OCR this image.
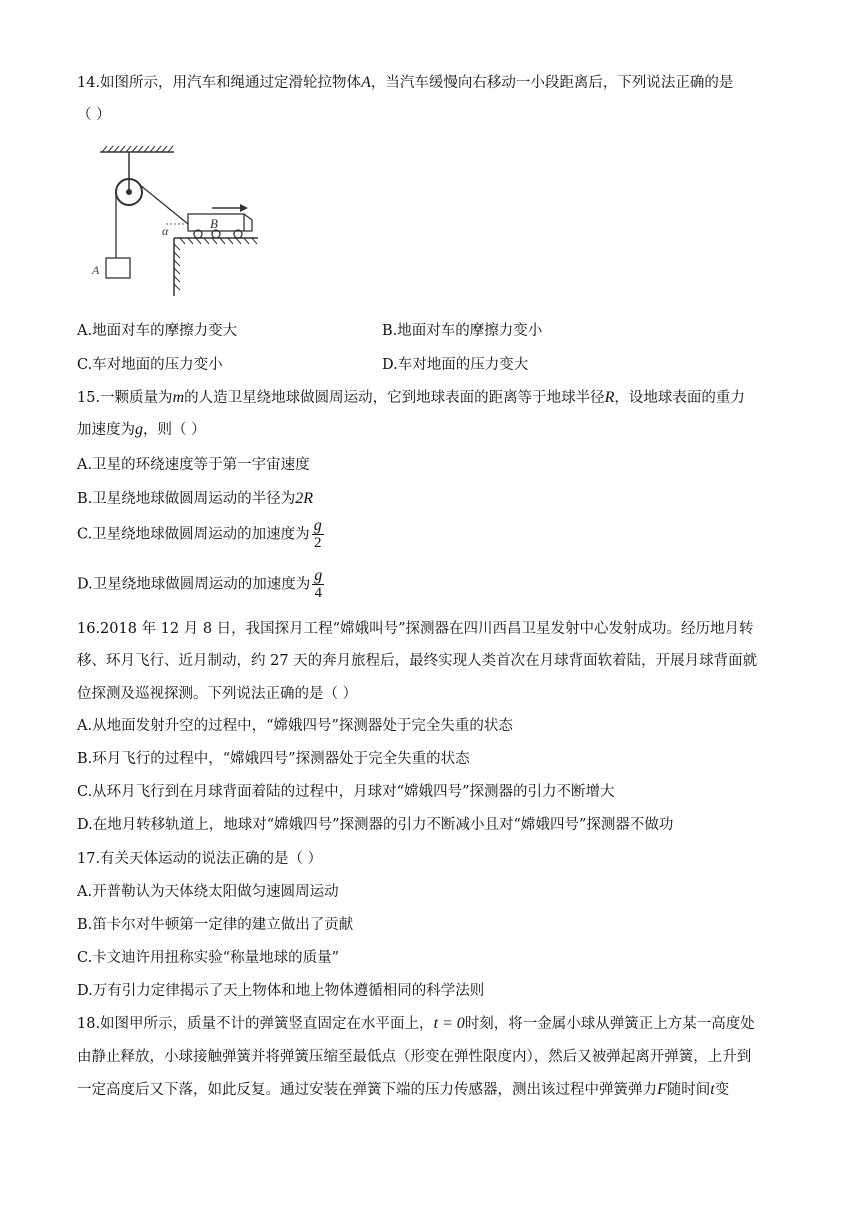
14.如图所示，用汽车和绳通过定滑轮拉物体A，当汽车缓慢向右移动一小段距离后，下列说法正确的是
（ ）
A
α	B
A.地面对车的摩擦力变大	B.地面对车的摩擦力变小
C.车对地面的压力变小	D.车对地面的压力变大
15.一颗质量为m的人造卫星绕地球做圆周运动，它到地球表面的距离等于地球半径R，设地球表面的重力
加速度为g，则（ ）
A.卫星的环绕速度等于第一宇宙速度
B.卫星绕地球做圆周运动的半径为2R
C.卫星绕地球做圆周运动的加速度为 $\frac{g}{2}$
D.卫星绕地球做圆周运动的加速度为 $\frac{g}{4}$
16.2018 年 12 月 8 日，我国探月工程“嫦娥叫号”探测器在四川西昌卫星发射中心发射成功。经历地月转
移、环月飞行、近月制动，约 27 天的奔月旅程后，最终实现人类首次在月球背面软着陆，开展月球背面就
位探测及巡视探测。下列说法正确的是（ ）
A.从地面发射升空的过程中，“嫦娥四号”探测器处于完全失重的状态
B.环月飞行的过程中，“嫦娥四号”探测器处于完全失重的状态
C.从环月飞行到在月球背面着陆的过程中，月球对“嫦娥四号”探测器的引力不断增大
D.在地月转移轨道上，地球对“嫦娥四号”探测器的引力不断减小且对“嫦娥四号”探测器不做功
17.有关天体运动的说法正确的是（ ）
A.开普勒认为天体绕太阳做匀速圆周运动
B.笛卡尔对牛顿第一定律的建立做出了贡献
C.卡文迪许用扭称实验“称量地球的质量”
D.万有引力定律揭示了天上物体和地上物体遵循相同的科学法则
18.如图甲所示，质量不计的弹簧竖直固定在水平面上，t = 0时刻，将一金属小球从弹簧正上方某一高度处
由静止释放，小球接触弹簧并将弹簧压缩至最低点（形变在弹性限度内），然后又被弹起离开弹簧，上升到
一定高度后又下落，如此反复。通过安装在弹簧下端的压力传感器，测出该过程中弹簧弹力F随时间t变
